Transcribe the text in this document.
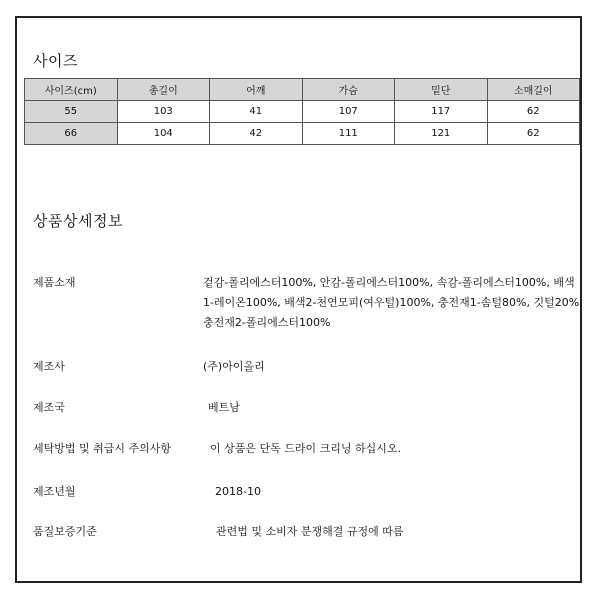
사이즈
사이즈(cm)	총길이	어깨	가슴	밑단	소매길이
55	103	41	107	117	62
66	104	42	111	121	62
상품상세정보
제품소재	겉감-폴리에스터100%, 안감-폴리에스터100%, 속감-폴리에스터100%, 배색1-레이온100%, 배색2-천연모피(여우털)100%, 충전재1-솜털80%, 깃털20%, 충전재2-폴리에스터100%
제조사	(주)아이올리
제조국	베트남
세탁방법 및 취급시 주의사항	이 상품은 단독 드라이 크리닝 하십시오.
제조년월	2018-10
품질보증기준	관련법 및 소비자 분쟁해결 규정에 따름
